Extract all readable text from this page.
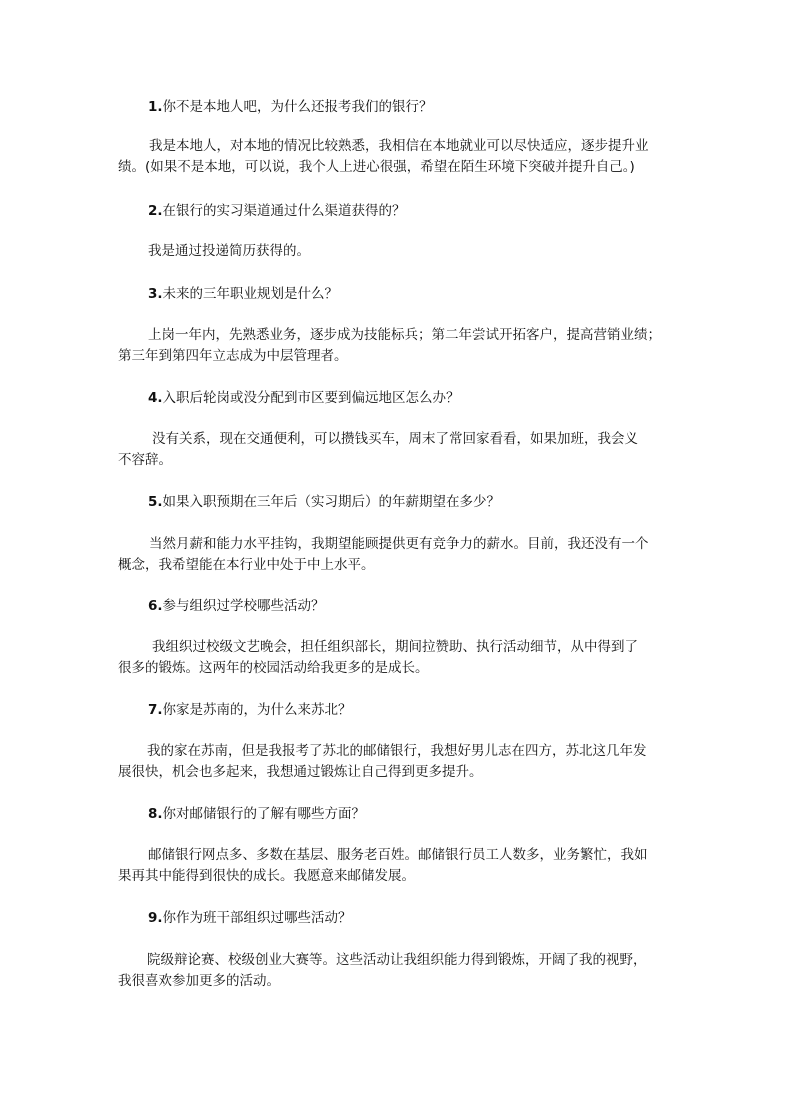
1.你不是本地人吧，为什么还报考我们的银行？

我是本地人，对本地的情况比较熟悉，我相信在本地就业可以尽快适应，逐步提升业

绩。(如果不是本地，可以说，我个人上进心很强，希望在陌生环境下突破并提升自己。)

2.在银行的实习渠道通过什么渠道获得的？

我是通过投递简历获得的。

3.未来的三年职业规划是什么？

上岗一年内，先熟悉业务，逐步成为技能标兵；第二年尝试开拓客户，提高营销业绩；

第三年到第四年立志成为中层管理者。

4.入职后轮岗或没分配到市区要到偏远地区怎么办？

没有关系，现在交通便利，可以攒钱买车，周末了常回家看看，如果加班，我会义

不容辞。

5.如果入职预期在三年后（实习期后）的年薪期望在多少？

当然月薪和能力水平挂钩，我期望能顾提供更有竞争力的薪水。目前，我还没有一个

概念，我希望能在本行业中处于中上水平。

6.参与组织过学校哪些活动？

我组织过校级文艺晚会，担任组织部长，期间拉赞助、执行活动细节，从中得到了

很多的锻炼。这两年的校园活动给我更多的是成长。

7.你家是苏南的，为什么来苏北？

我的家在苏南，但是我报考了苏北的邮储银行，我想好男儿志在四方，苏北这几年发

展很快，机会也多起来，我想通过锻炼让自己得到更多提升。

8.你对邮储银行的了解有哪些方面？

邮储银行网点多、多数在基层、服务老百姓。邮储银行员工人数多，业务繁忙，我如

果再其中能得到很快的成长。我愿意来邮储发展。

9.你作为班干部组织过哪些活动？

院级辩论赛、校级创业大赛等。这些活动让我组织能力得到锻炼，开阔了我的视野，

我很喜欢参加更多的活动。
